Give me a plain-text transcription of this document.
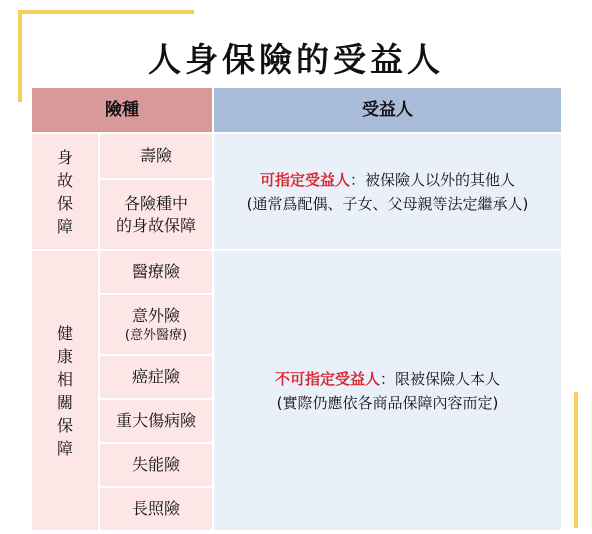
人身保險的受益人
險種	受益人
身
故
保
障
壽險
各險種中
的身故保障
可指定受益人：被保險人以外的其他人
(通常爲配偶、子女、父母親等法定繼承人)
健
康
相
關
保
障
醫療險
意外險
(意外醫療)
癌症險
重大傷病險
失能險
長照險
不可指定受益人：限被保險人本人
(實際仍應依各商品保障內容而定)
